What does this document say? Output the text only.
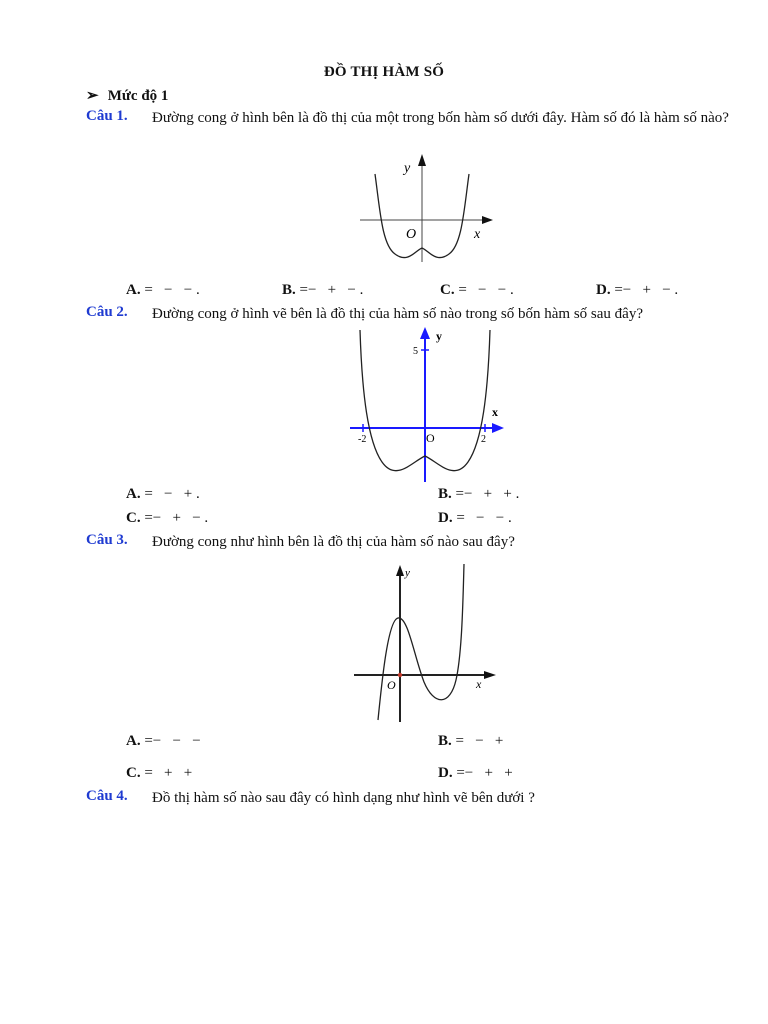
ĐỒ THỊ HÀM SỐ
➢ Mức độ 1
Câu 1.	Đường cong ở hình bên là đồ thị của một trong bốn hàm số dưới đây. Hàm số đó là hàm số nào?
y
x
O
A. =   −   − .	B. =−   +   − .	C. =   −   − .	D. =−   +   − .
Câu 2. Đường cong ở hình vẽ bên là đồ thị của hàm số nào trong số bốn hàm số sau đây?
y
5
x
-2	2
O
A. =   −   + .	B. =−   +   + .
C. =−   +   − .	D. =   −   − .
Câu 3. Đường cong như hình bên là đồ thị của hàm số nào sau đây?
y
x
O
A. =−   −   −	B. =   −   +
C. =   +   +	D. =−   +   +
Câu 4. Đồ thị hàm số nào sau đây có hình dạng như hình vẽ bên dưới ?
